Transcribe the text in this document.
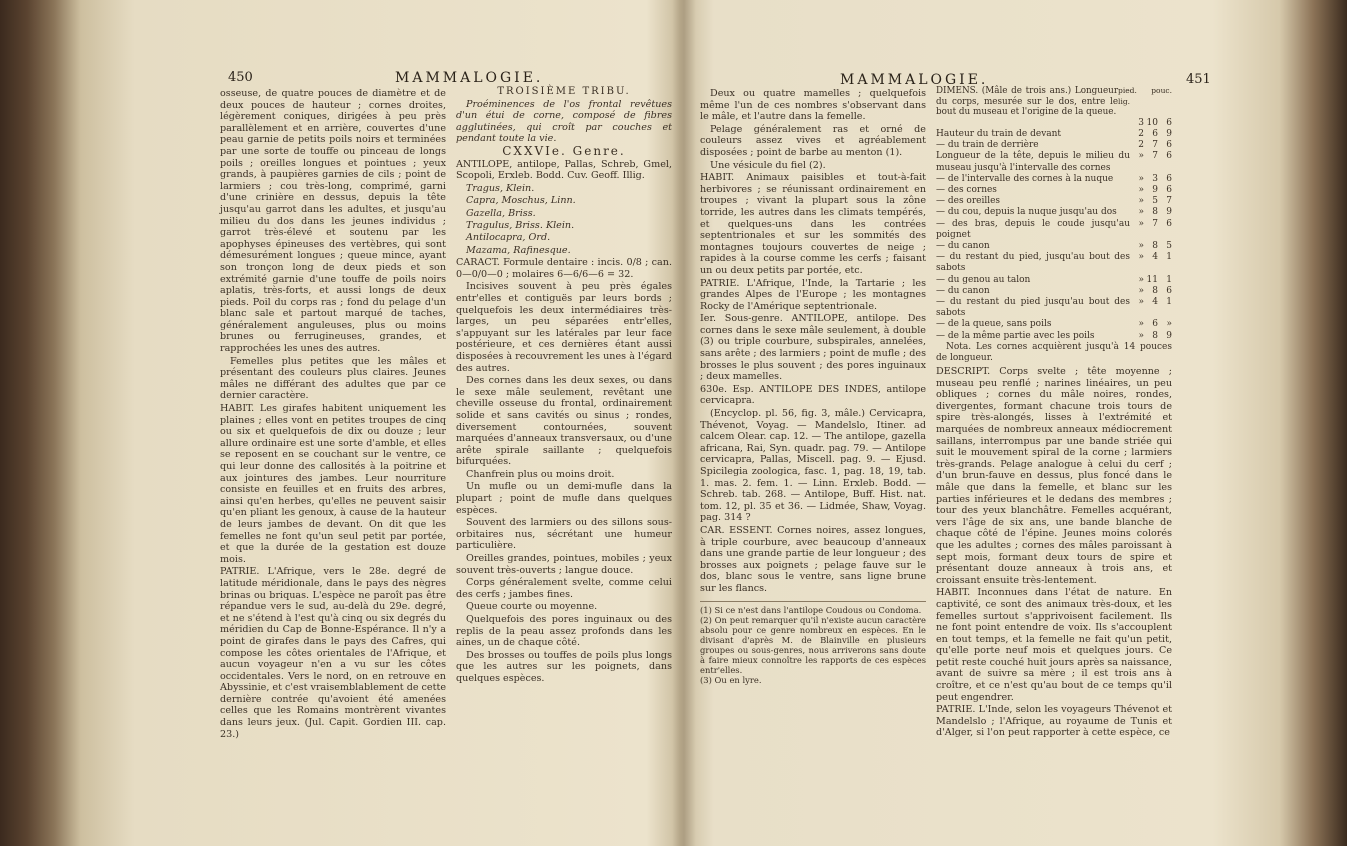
450	MAMMALOGIE.

osseuse, de quatre pouces de diamètre et de deux pouces de hauteur ; cornes droites, légèrement coniques, dirigées à peu près parallèlement et en arrière, couvertes d'une peau garnie de petits poils noirs et terminées par une sorte de touffe ou pinceau de longs poils ; oreilles longues et pointues ; yeux grands, à paupières garnies de cils ; point de larmiers ; cou très-long, comprimé, garni d'une crinière en dessus, depuis la tête jusqu'au garrot dans les adultes, et jusqu'au milieu du dos dans les jeunes individus ; garrot très-élevé et soutenu par les apophyses épineuses des vertèbres, qui sont démesurément longues ; queue mince, ayant son tronçon long de deux pieds et son extrémité garnie d'une touffe de poils noirs aplatis, très-forts, et aussi longs de deux pieds. Poil du corps ras ; fond du pelage d'un blanc sale et partout marqué de taches, généralement anguleuses, plus ou moins brunes ou ferrugineuses, grandes, et rapprochées les unes des autres.

Femelles plus petites que les mâles et présentant des couleurs plus claires. Jeunes mâles ne différant des adultes que par ce dernier caractère.

HABIT. Les girafes habitent uniquement les plaines ; elles vont en petites troupes de cinq ou six et quelquefois de dix ou douze ; leur allure ordinaire est une sorte d'amble, et elles se reposent en se couchant sur le ventre, ce qui leur donne des callosités à la poitrine et aux jointures des jambes. Leur nourriture consiste en feuilles et en fruits des arbres, ainsi qu'en herbes, qu'elles ne peuvent saisir qu'en pliant les genoux, à cause de la hauteur de leurs jambes de devant. On dit que les femelles ne font qu'un seul petit par portée, et que la durée de la gestation est douze mois.

PATRIE. L'Afrique, vers le 28e. degré de latitude méridionale, dans le pays des nègres brinas ou briquas. L'espèce ne paroît pas être répandue vers le sud, au-delà du 29e. degré, et ne s'étend à l'est qu'à cinq ou six degrés du méridien du Cap de Bonne-Espérance. Il n'y a point de girafes dans le pays des Cafres, qui compose les côtes orientales de l'Afrique, et aucun voyageur n'en a vu sur les côtes occidentales. Vers le nord, on en retrouve en Abyssinie, et c'est vraisemblablement de cette dernière contrée qu'avoient été amenées celles que les Romains montrèrent vivantes dans leurs jeux. (Jul. Capit. Gordien III. cap. 23.)

TROISIÈME TRIBU.

Proéminences de l'os frontal revêtues d'un étui de corne, composé de fibres agglutinées, qui croît par couches et pendant toute la vie.

CXXVIe. Genre.

ANTILOPE, antilope, Pallas, Schreb, Gmel, Scopoli, Erxleb. Bodd. Cuv. Geoff. Illig.

Tragus, Klein.
Capra, Moschus, Linn.
Gazella, Briss.
Tragulus, Briss. Klein.
Antilocapra, Ord.
Mazama, Rafinesque.

CARACT. Formule dentaire : incis. 0/8 ; can. 0—0/0—0 ; molaires 6—6/6—6 = 32.

Incisives souvent à peu près égales entr'elles et contiguës par leurs bords ; quelquefois les deux intermédiaires très-larges, un peu séparées entr'elles, s'appuyant sur les latérales par leur face postérieure, et ces dernières étant aussi disposées à recouvrement les unes à l'égard des autres.

Des cornes dans les deux sexes, ou dans le sexe mâle seulement, revêtant une cheville osseuse du frontal, ordinairement solide et sans cavités ou sinus ; rondes, diversement contournées, souvent marquées d'anneaux transversaux, ou d'une arête spirale saillante ; quelquefois bifurquées.

Chanfrein plus ou moins droit.

Un mufle ou un demi-mufle dans la plupart ; point de mufle dans quelques espèces.

Souvent des larmiers ou des sillons sous-orbitaires nus, sécrétant une humeur particulière.

Oreilles grandes, pointues, mobiles ; yeux souvent très-ouverts ; langue douce.

Corps généralement svelte, comme celui des cerfs ; jambes fines.

Queue courte ou moyenne.

Quelquefois des pores inguinaux ou des replis de la peau assez profonds dans les aines, un de chaque côté.

Des brosses ou touffes de poils plus longs que les autres sur les poignets, dans quelques espèces.

MAMMALOGIE.	451

Deux ou quatre mamelles ; quelquefois même l'un de ces nombres s'observant dans le mâle, et l'autre dans la femelle.

Pelage généralement ras et orné de couleurs assez vives et agréablement disposées ; point de barbe au menton (1).

Une vésicule du fiel (2).

HABIT. Animaux paisibles et tout-à-fait herbivores ; se réunissant ordinairement en troupes ; vivant la plupart sous la zône torride, les autres dans les climats tempérés, et quelques-uns dans les contrées septentrionales et sur les sommités des montagnes toujours couvertes de neige ; rapides à la course comme les cerfs ; faisant un ou deux petits par portée, etc.

PATRIE. L'Afrique, l'Inde, la Tartarie ; les grandes Alpes de l'Europe ; les montagnes Rocky de l'Amérique septentrionale.

Ier. Sous-genre. ANTILOPE, antilope. Des cornes dans le sexe mâle seulement, à double (3) ou triple courbure, subspirales, annelées, sans arête ; des larmiers ; point de mufle ; des brosses le plus souvent ; des pores inguinaux ; deux mamelles.

630e. Esp. ANTILOPE DES INDES, antilope cervicapra.

(Encyclop. pl. 56, fig. 3, mâle.) Cervicapra, Thévenot, Voyag. — Mandelslo, Itiner. ad calcem Olear. cap. 12. — The antilope, gazella africana, Rai, Syn. quadr. pag. 79. — Antilope cervicapra, Pallas, Miscell. pag. 9. — Ejusd. Spicilegia zoologica, fasc. 1, pag. 18, 19, tab. 1. mas. 2. fem. 1. — Linn. Erxleb. Bodd. — Schreb. tab. 268. — Antilope, Buff. Hist. nat. tom. 12, pl. 35 et 36. — Lidmée, Shaw, Voyag. pag. 314 ?

CAR. ESSENT. Cornes noires, assez longues, à triple courbure, avec beaucoup d'anneaux dans une grande partie de leur longueur ; des brosses aux poignets ; pelage fauve sur le dos, blanc sous le ventre, sans ligne brune sur les flancs.

(1) Si ce n'est dans l'antilope Coudous ou Condoma.
(2) On peut remarquer qu'il n'existe aucun caractère absolu pour ce genre nombreux en espèces. En le divisant d'après M. de Blainville en plusieurs groupes ou sous-genres, nous arriverons sans doute à faire mieux connoître les rapports de ces espèces entr'elles.
(3) Ou en lyre.
DIMENS. (Mâle de trois ans.) Longueur du corps, mesurée sur le dos, entre le bout du museau et l'origine de la queue.
pied. pouc. lig.
	3	10	6
Hauteur du train de devant	2	6	9
— du train de derrière	2	7	6
Longueur de la tête, depuis le milieu du museau jusqu'à l'intervalle des cornes	»	7	6
— de l'intervalle des cornes à la nuque	»	3	6
— des cornes	»	9	6
— des oreilles	»	5	7
— du cou, depuis la nuque jusqu'au dos	»	8	9
— des bras, depuis le coude jusqu'au poignet	»	7	6
— du canon	»	8	5
— du restant du pied, jusqu'au bout des sabots	»	4	1
— du genou au talon	»	11	1
— du canon	»	8	6
— du restant du pied jusqu'au bout des sabots	»	4	1
— de la queue, sans poils	»	6	»
— de la même partie avec les poils	»	8	9

Nota. Les cornes acquièrent jusqu'à 14 pouces de longueur.

DESCRIPT. Corps svelte ; tête moyenne ; museau peu renflé ; narines linéaires, un peu obliques ; cornes du mâle noires, rondes, divergentes, formant chacune trois tours de spire très-alongés, lisses à l'extrémité et marquées de nombreux anneaux médiocrement saillans, interrompus par une bande striée qui suit le mouvement spiral de la corne ; larmiers très-grands. Pelage analogue à celui du cerf ; d'un brun-fauve en dessus, plus foncé dans le mâle que dans la femelle, et blanc sur les parties inférieures et le dedans des membres ; tour des yeux blanchâtre. Femelles acquérant, vers l'âge de six ans, une bande blanche de chaque côté de l'épine. Jeunes moins colorés que les adultes ; cornes des mâles paroissant à sept mois, formant deux tours de spire et présentant douze anneaux à trois ans, et croissant ensuite très-lentement.

HABIT. Inconnues dans l'état de nature. En captivité, ce sont des animaux très-doux, et les femelles surtout s'apprivoisent facilement. Ils ne font point entendre de voix. Ils s'accouplent en tout temps, et la femelle ne fait qu'un petit, qu'elle porte neuf mois et quelques jours. Ce petit reste couché huit jours après sa naissance, avant de suivre sa mère ; il est trois ans à croître, et ce n'est qu'au bout de ce temps qu'il peut engendrer.

PATRIE. L'Inde, selon les voyageurs Thévenot et Mandelslo ; l'Afrique, au royaume de Tunis et d'Alger, si l'on peut rapporter à cette espèce, ce
